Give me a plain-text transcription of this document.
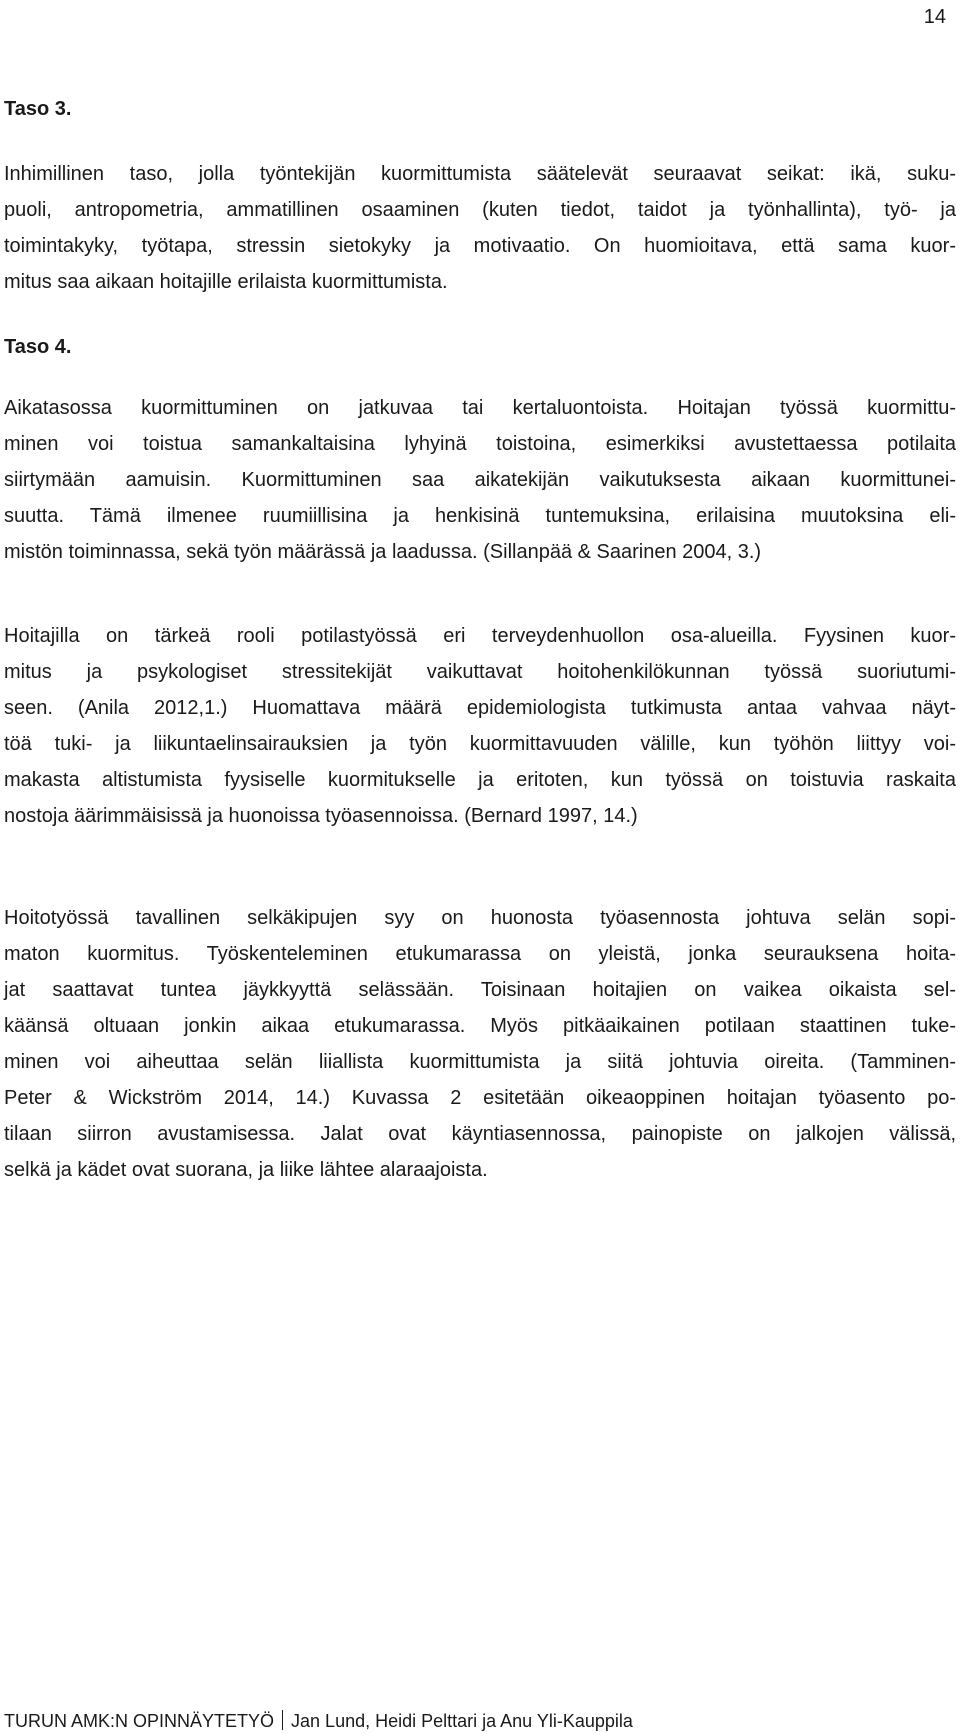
14
Taso 3.

Inhimillinen taso, jolla työntekijän kuormittumista säätelevät seuraavat seikat: ikä, suku-
puoli, antropometria, ammatillinen osaaminen (kuten tiedot, taidot ja työnhallinta), työ- ja
toimintakyky, työtapa, stressin sietokyky ja motivaatio. On huomioitava, että sama kuor-
mitus saa aikaan hoitajille erilaista kuormittumista.

Taso 4.

Aikatasossa kuormittuminen on jatkuvaa tai kertaluontoista. Hoitajan työssä kuormittu-
minen voi toistua samankaltaisina lyhyinä toistoina, esimerkiksi avustettaessa potilaita
siirtymään aamuisin. Kuormittuminen saa aikatekijän vaikutuksesta aikaan kuormittunei-
suutta. Tämä ilmenee ruumiillisina ja henkisinä tuntemuksina, erilaisina muutoksina eli-
mistön toiminnassa, sekä työn määrässä ja laadussa. (Sillanpää & Saarinen 2004, 3.)

Hoitajilla on tärkeä rooli potilastyössä eri terveydenhuollon osa-alueilla. Fyysinen kuor-
mitus ja psykologiset stressitekijät vaikuttavat hoitohenkilökunnan työssä suoriutumi-
seen. (Anila 2012,1.) Huomattava määrä epidemiologista tutkimusta antaa vahvaa näyt-
töä tuki- ja liikuntaelinsairauksien ja työn kuormittavuuden välille, kun työhön liittyy voi-
makasta altistumista fyysiselle kuormitukselle ja eritoten, kun työssä on toistuvia raskaita
nostoja äärimmäisissä ja huonoissa työasennoissa. (Bernard 1997, 14.)

Hoitotyössä tavallinen selkäkipujen syy on huonosta työasennosta johtuva selän sopi-
maton kuormitus. Työskenteleminen etukumarassa on yleistä, jonka seurauksena hoita-
jat saattavat tuntea jäykkyyttä selässään. Toisinaan hoitajien on vaikea oikaista sel-
käänsä oltuaan jonkin aikaa etukumarassa. Myös pitkäaikainen potilaan staattinen tuke-
minen voi aiheuttaa selän liiallista kuormittumista ja siitä johtuvia oireita. (Tamminen-
Peter & Wickström 2014, 14.) Kuvassa 2 esitetään oikeaoppinen hoitajan työasento po-
tilaan siirron avustamisessa. Jalat ovat käyntiasennossa, painopiste on jalkojen välissä,
selkä ja kädet ovat suorana, ja liike lähtee alaraajoista.

TURUN AMK:N OPINNÄYTETYÖ Jan Lund, Heidi Pelttari ja Anu Yli-Kauppila
